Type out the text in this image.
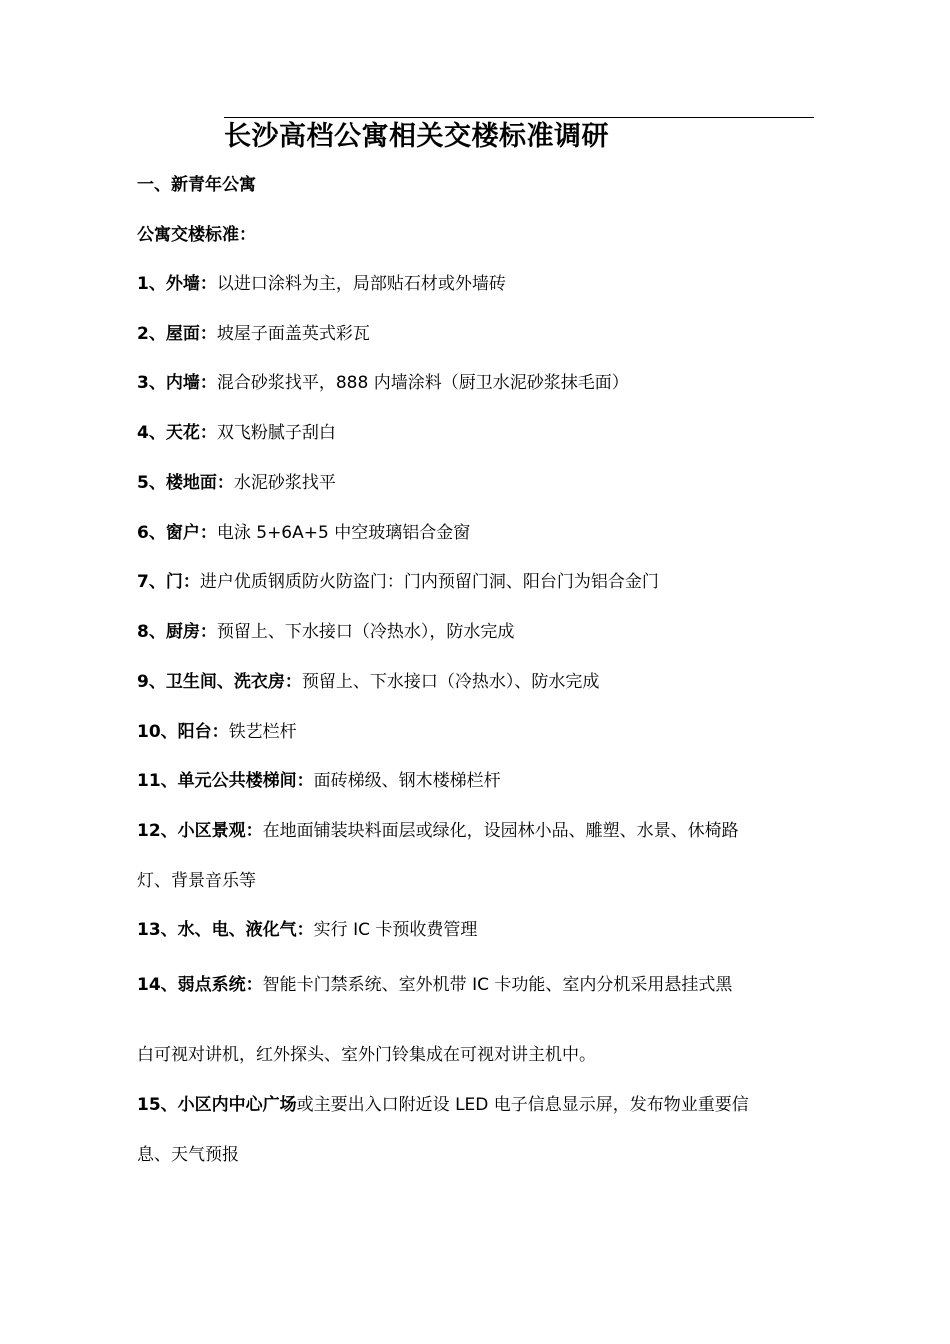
长沙高档公寓相关交楼标准调研
一、新青年公寓
公寓交楼标准：
1、外墙：以进口涂料为主，局部贴石材或外墙砖
2、屋面：坡屋子面盖英式彩瓦
3、内墙：混合砂浆找平，888 内墙涂料（厨卫水泥砂浆抹毛面）
4、天花：双飞粉腻子刮白
5、楼地面：水泥砂浆找平
6、窗户：电泳 5+6A+5 中空玻璃铝合金窗
7、门：进户优质钢质防火防盗门：门内预留门洞、阳台门为铝合金门
8、厨房：预留上、下水接口（冷热水），防水完成
9、卫生间、洗衣房：预留上、下水接口（冷热水）、防水完成
10、阳台：铁艺栏杆
11、单元公共楼梯间：面砖梯级、钢木楼梯栏杆
12、小区景观：在地面铺装块料面层或绿化，设园林小品、雕塑、水景、休椅路
灯、背景音乐等
13、水、电、液化气：实行 IC 卡预收费管理
14、弱点系统：智能卡门禁系统、室外机带 IC 卡功能、室内分机采用悬挂式黑
白可视对讲机，红外探头、室外门铃集成在可视对讲主机中。
15、小区内中心广场或主要出入口附近设 LED 电子信息显示屏，发布物业重要信
息、天气预报
